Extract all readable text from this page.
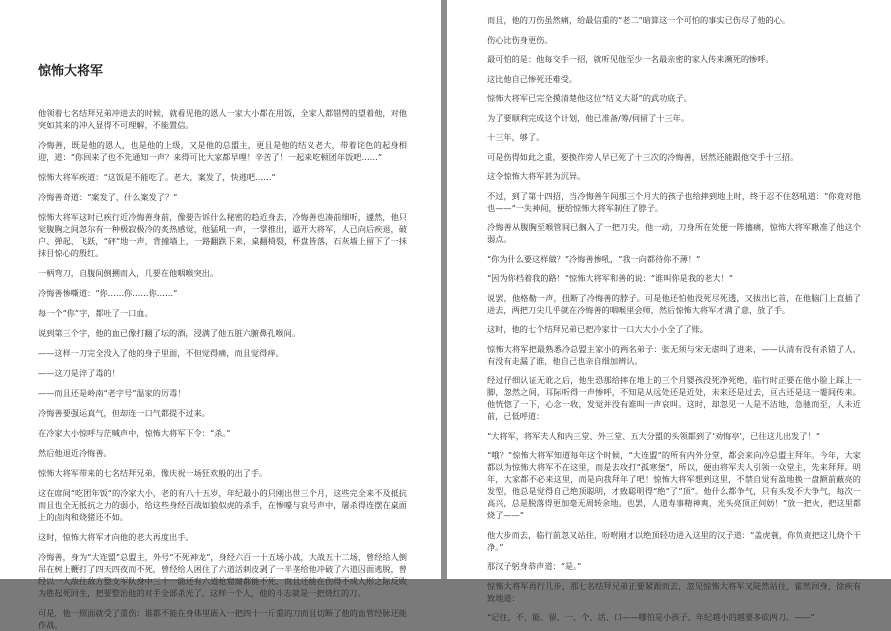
惊怖大将军

他领着七名结拜兄弟冲进去的时候，就看见他的恩人一家大小都在用饭，全家人都错愕的望着他，对他突如其来的冲入显得不可理解，不能置信。

冷悔善，既是他的恩人，也是他的上级，又是他的总盟主，更且是他的结义老大，带着诧色的起身相迎，道：“你回来了也不先通知一声？来得可比大家都早哩！辛苦了！一起来吃顿团年饭吧……”

惊怖大将军疾道：“这饭是不能吃了。老大，案发了，快逃吧……”

冷悔善奇道：“案发了，什么案发了？”

惊怖大将军这时已疾行近冷悔善身前，像要告诉什么秘密的趋近身去，冷悔善也凑前细听，遽然，他只觉腹胸之间忽尔有一种极寂极冷的炙热感觉，他猛吼一声，一掌推出，逼开大将军，人已向后疾退，破户、弹起、飞跃，“砰”地一声，背撞墙上，一路翻跌下来，桌翻椅裂，杯盘皆落，石灰墙上留下了一抹抹目惊心的殷红。

一柄弯刀，自腹间倒搠而入，几要在他咽喉突出。

冷悔善惨嘶道：“你……你……你……”

每一个“你”字，都吐了一口血。

说到第三个字，他的血已像打翻了坛的酒，浸满了他五脏六腑鼻孔喉间。

——这样一刀完全没入了他的身子里面，不但觉得痛，而且觉得痒。

——这刀是淬了毒的！

——而且还是岭南“老字号”温家的厉毒！

冷悔善要强运真气，但却连一口气都提不过来。

在冷家大小惊呼与茫喊声中，惊怖大将军下令：“杀。”

然后他退近冷悔善。

惊怖大将军带来的七名结拜兄弟，像庆祝一场狂欢般的出了手。

这在席间“吃团年饭”的冷家大小，老的有八十五岁，年纪最小的只刚出世三个月，这些完全来不及抵抗而且也全无抵抗之力的弱小，给这些身经百战如狼似虎的杀手，在惨嚎与哀号声中，屠杀得连摆在桌面上的卤肉和烧猪还不如。

这时，惊怖大将军才向他的老大再度出手。

冷悔善，身为“大连盟”总盟主，外号“不死神龙”，身经六百一十五场小战，大战五十二场，曾经给人倒吊在树上鞭打了四天四夜而不死，曾经给人困住了六道活刺皮剥了一半垄给他冲破了六道囚面逃脱，曾经以一人敌住敌方整支军队身中三十一箭还有六道枪窟窿都能不死，而且还能在伤得不成人形之际反败为胜起死回生，把要整治他的对手全部杀光了。这样一个人，他的斗志就是一把烧红的刀。

可是，他一照面就受了重伤：谁都不能在身体里嵌入一把四十一斤重的刀而且切断了他的血管经脉还能作战。

而且，他的刀伤虽然痛，给最信重的“老二”暗算这一个可怕的事实已伤尽了他的心。

伤心比伤身更伤。

最可怕的是：他每交手一招，就听见他至少一名最亲密的家人传来濒死的惨呼。

这比他自己惨死还难受。

惊怖大将军已完全摸清楚他这位“结义大哥”的武功底子。

为了要顺利完成这个计划，他已准备/筹/伺留了十三年。

十三年，够了。

可是伤得如此之重，要换作旁人早已死了十三次的冷悔善，居然还能跟他交手十三招。

这令惊怖大将军甚为沉异。

不过，到了第十四招，当冷悔善午间那三个月大的孩子也给摔到地上时，终于忍不住怒吼道：“你竟对他也——”一失神间，便给惊怖大将军制住了脖子。

冷悔善从腹胸至喉管间已搁入了一把刀尖，他一动，刀身所在处便一阵搐痛，惊怖大将军瞅准了他这个弱点。

“你为什么要这样做？”冷悔善惨吼，“我一向都待你不薄！”

“因为你档着我的路！”惊怖大将军和善的说：“谁叫你是我的老大！”

说罢，他格勒一声，扭断了冷悔善的脖子。可是他还怕他没死尽死透，又拔出匕首，在他脑门上直插了进去，两把刀尖几乎就在冷悔善的咽喉里会师，然后惊怖大将军才满了意，放了手。

这时，他的七个结拜兄弟已把冷家廿一口大大小小全了了账。

惊怖大将军把最熟悉冷总盟主家小的两名弟子：张无须与宋无虐叫了进来，——认清有没有杀错了人，有没有走漏了谁，他自己也亲自细加辨认。

经过仔细认证无讹之后，他生恐那给摔在地上的三个月婴孩没死净死绝，临行时正要在他小脸上踩上一脚，忽然之间，耳际听得一声惨呼，不知是从远处还是近处，未来还是过去，亘古还是这一霎间传来。他恍惚了一下，心念一收，发觉并没有谁叫一声哀叫。这时，却忽见一人是不洁地，急驰而至，人未近前，已低呼道：

“大将军，将军夫人和内三堂、外三堂、五大分盟的头领都到了‘劝悔亭’，已往这儿出发了！”

“哦？”惊怖大将军知道每年这个时候，“大连盟”的所有内外分堂，都会来向冷总盟主拜年。今年，大家都以为惊怖大将军不在这里，而是去攻打“孤寒堡”，所以，便由将军夫人引领一众堂主，先来拜拜。明年，大家都不必来这里，而是向我拜年了吧！惊怖大将军想到这里，不禁自觉有盈地换一盘额前蔽亮的发型，他总是觉得自己绝顶聪明，才致聪明得“绝”了“顶”。他什么都争气，只有头发不大争气，每次一高兴，总是脱落得更加毫无周转余地。也罢，人道寿事精神爽，光头亮顶正何妨！“放一把火，把这里都烧了——”

他大步而去，临行前忽又站住，吩咐刚才以绝顶轻功进入这里的汉子道：“盖虎蓑，你负责把这儿烧个干净。”

那汉子躬身恭声道：“是。”

惊怖大将军再行几步，那七名结拜兄弟正要紧跟而去，忽见惊怖大将军又陡然站住，霍然回身，徐疾有致地道：

“记住，不、能、留、一、个、活、口——哪怕是小孩子。年纪越小的越要多砍两刀。——”
